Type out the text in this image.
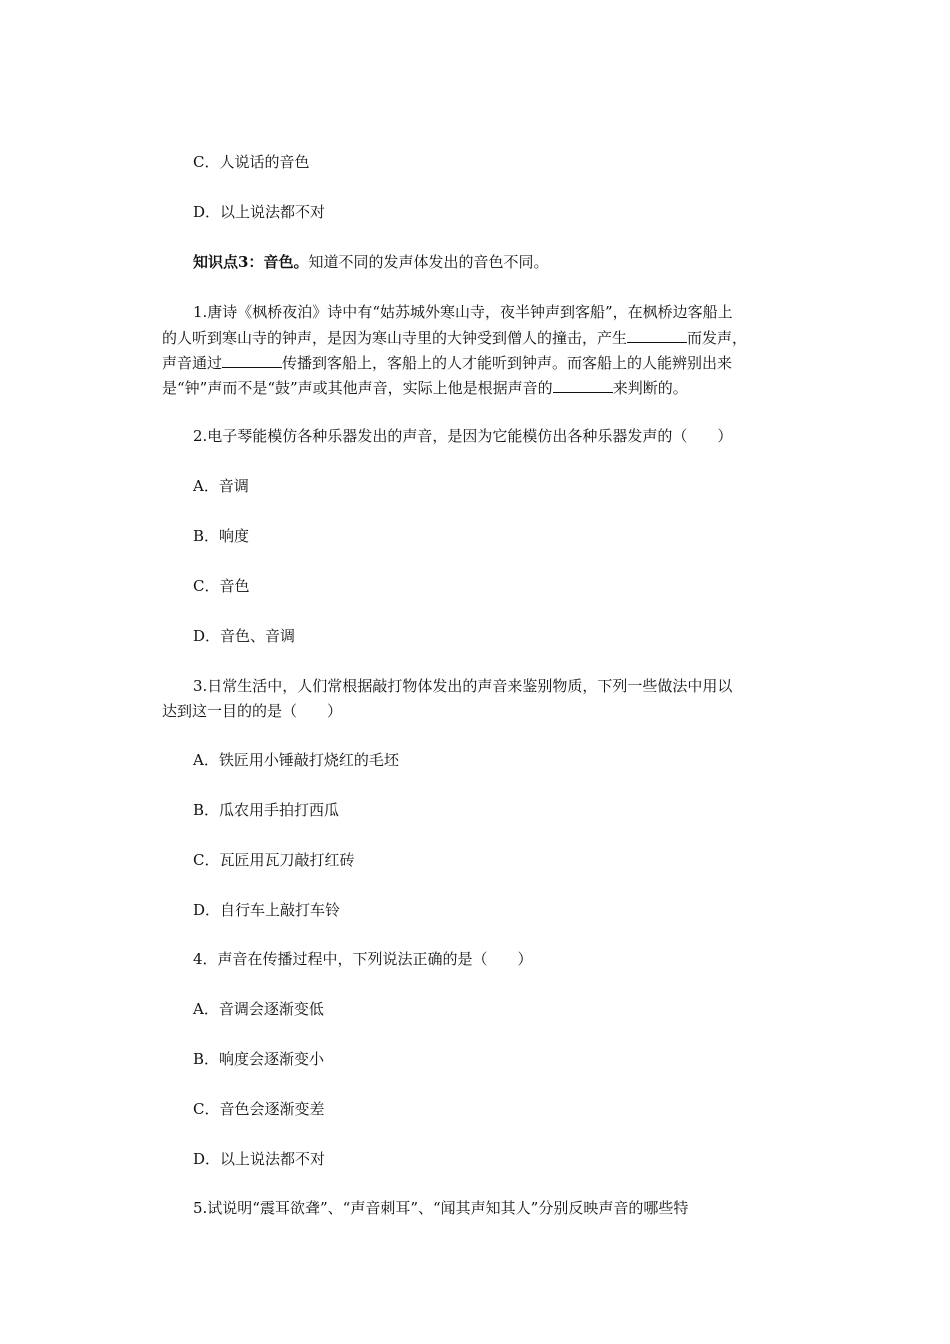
C．人说话的音色
D．以上说法都不对
知识点3：音色。知道不同的发声体发出的音色不同。
1.唐诗《枫桥夜泊》诗中有“姑苏城外寒山寺，夜半钟声到客船”，在枫桥边客船上
的人听到寒山寺的钟声，是因为寒山寺里的大钟受到僧人的撞击，产生	而发声，
声音通过	传播到客船上，客船上的人才能听到钟声。而客船上的人能辨别出来
是“钟”声而不是“鼓”声或其他声音，实际上他是根据声音的	来判断的。
2.电子琴能模仿各种乐器发出的声音，是因为它能模仿出各种乐器发声的（　　）
A．音调
B．响度
C．音色
D．音色、音调
3.日常生活中，人们常根据敲打物体发出的声音来鉴别物质，下列一些做法中用以
达到这一目的的是（　　）
A．铁匠用小锤敲打烧红的毛坯
B．瓜农用手拍打西瓜
C．瓦匠用瓦刀敲打红砖
D．自行车上敲打车铃
4．声音在传播过程中，下列说法正确的是（　　）
A．音调会逐渐变低
B．响度会逐渐变小
C．音色会逐渐变差
D．以上说法都不对
5.试说明“震耳欲聋”、“声音刺耳”、“闻其声知其人”分别反映声音的哪些特
